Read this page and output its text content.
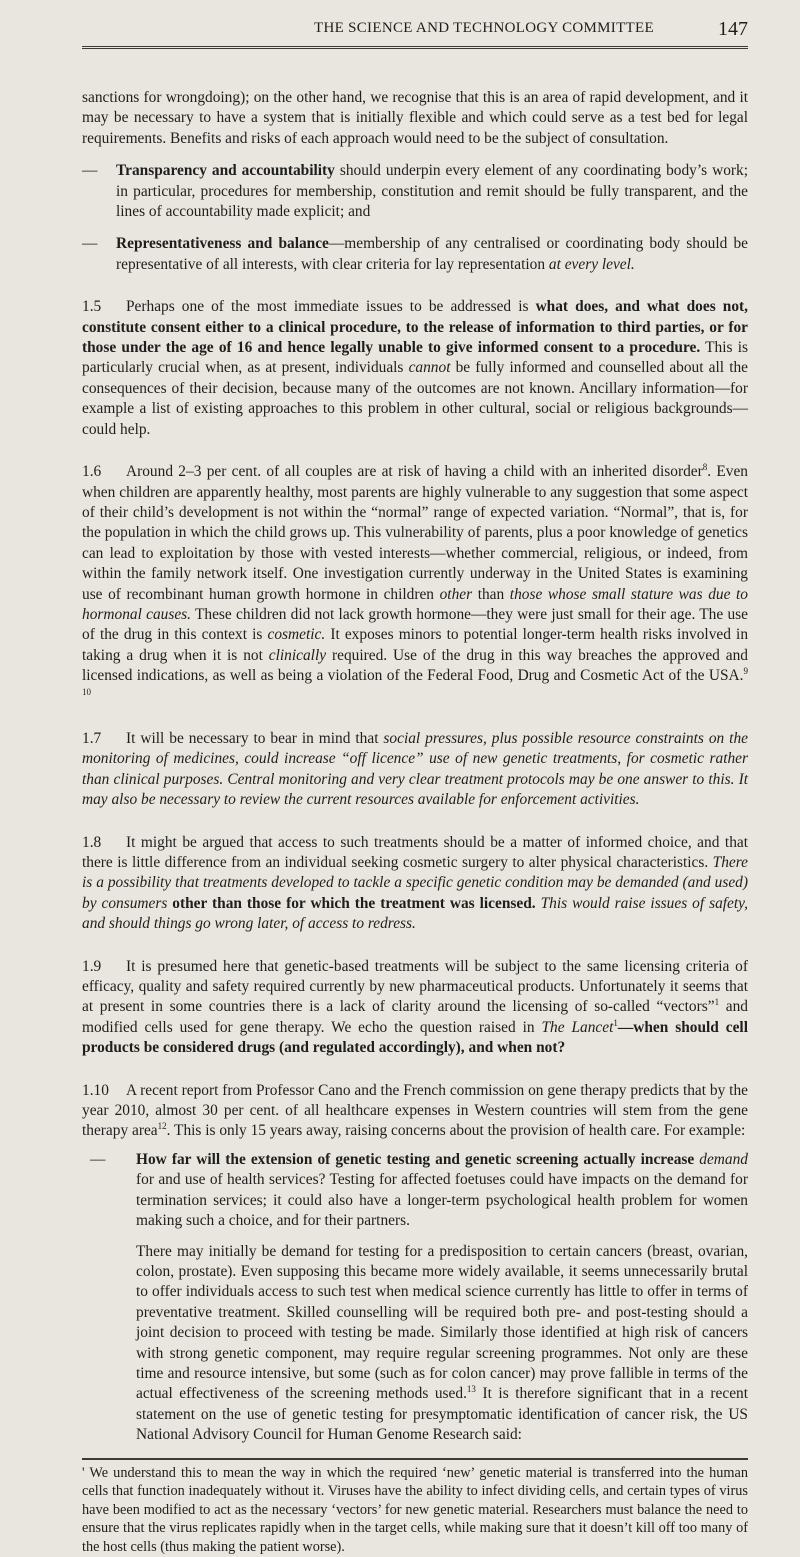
THE SCIENCE AND TECHNOLOGY COMMITTEE	147

sanctions for wrongdoing); on the other hand, we recognise that this is an area of rapid development, and it may be necessary to have a system that is initially flexible and which could serve as a test bed for legal requirements. Benefits and risks of each approach would need to be the subject of consultation.

—	Transparency and accountability should underpin every element of any coordinating body’s work; in particular, procedures for membership, constitution and remit should be fully transparent, and the lines of accountability made explicit; and
—	Representativeness and balance—membership of any centralised or coordinating body should be representative of all interests, with clear criteria for lay representation at every level.

1.5 Perhaps one of the most immediate issues to be addressed is what does, and what does not, constitute consent either to a clinical procedure, to the release of information to third parties, or for those under the age of 16 and hence legally unable to give informed consent to a procedure. This is particularly crucial when, as at present, individuals cannot be fully informed and counselled about all the consequences of their decision, because many of the outcomes are not known. Ancillary information—for example a list of existing approaches to this problem in other cultural, social or religious backgrounds—could help.

1.6 Around 2–3 per cent. of all couples are at risk of having a child with an inherited disorder$^8$. Even when children are apparently healthy, most parents are highly vulnerable to any suggestion that some aspect of their child’s development is not within the “normal” range of expected variation. “Normal”, that is, for the population in which the child grows up. This vulnerability of parents, plus a poor knowledge of genetics can lead to exploitation by those with vested interests—whether commercial, religious, or indeed, from within the family network itself. One investigation currently underway in the United States is examining use of recombinant human growth hormone in children other than those whose small stature was due to hormonal causes. These children did not lack growth hormone—they were just small for their age. The use of the drug in this context is cosmetic. It exposes minors to potential longer-term health risks involved in taking a drug when it is not clinically required. Use of the drug in this way breaches the approved and licensed indications, as well as being a violation of the Federal Food, Drug and Cosmetic Act of the USA.$^{9 10}$

1.7 It will be necessary to bear in mind that social pressures, plus possible resource constraints on the monitoring of medicines, could increase “off licence” use of new genetic treatments, for cosmetic rather than clinical purposes. Central monitoring and very clear treatment protocols may be one answer to this. It may also be necessary to review the current resources available for enforcement activities.

1.8 It might be argued that access to such treatments should be a matter of informed choice, and that there is little difference from an individual seeking cosmetic surgery to alter physical characteristics. There is a possibility that treatments developed to tackle a specific genetic condition may be demanded (and used) by consumers other than those for which the treatment was licensed. This would raise issues of safety, and should things go wrong later, of access to redress.

1.9 It is presumed here that genetic-based treatments will be subject to the same licensing criteria of efficacy, quality and safety required currently by new pharmaceutical products. Unfortunately it seems that at present in some countries there is a lack of clarity around the licensing of so-called “vectors”$^1$ and modified cells used for gene therapy. We echo the question raised in The Lancet$^1$—when should cell products be considered drugs (and regulated accordingly), and when not?

1.10 A recent report from Professor Cano and the French commission on gene therapy predicts that by the year 2010, almost 30 per cent. of all healthcare expenses in Western countries will stem from the gene therapy area$^{12}$. This is only 15 years away, raising concerns about the provision of health care. For example:

—	How far will the extension of genetic testing and genetic screening actually increase demand for and use of health services? Testing for affected foetuses could have impacts on the demand for termination services; it could also have a longer-term psychological health problem for women making such a choice, and for their partners.

There may initially be demand for testing for a predisposition to certain cancers (breast, ovarian, colon, prostate). Even supposing this became more widely available, it seems unnecessarily brutal to offer individuals access to such test when medical science currently has little to offer in terms of preventative treatment. Skilled counselling will be required both pre- and post-testing should a joint decision to proceed with testing be made. Similarly those identified at high risk of cancers with strong genetic component, may require regular screening programmes. Not only are these time and resource intensive, but some (such as for colon cancer) may prove fallible in terms of the actual effectiveness of the screening methods used.$^{13}$ It is therefore significant that in a recent statement on the use of genetic testing for presymptomatic identification of cancer risk, the US National Advisory Council for Human Genome Research said:

' We understand this to mean the way in which the required ‘new’ genetic material is transferred into the human cells that function inadequately without it. Viruses have the ability to infect dividing cells, and certain types of virus have been modified to act as the necessary ‘vectors’ for new genetic material. Researchers must balance the need to ensure that the virus replicates rapidly when in the target cells, while making sure that it doesn’t kill off too many of the host cells (thus making the patient worse).
